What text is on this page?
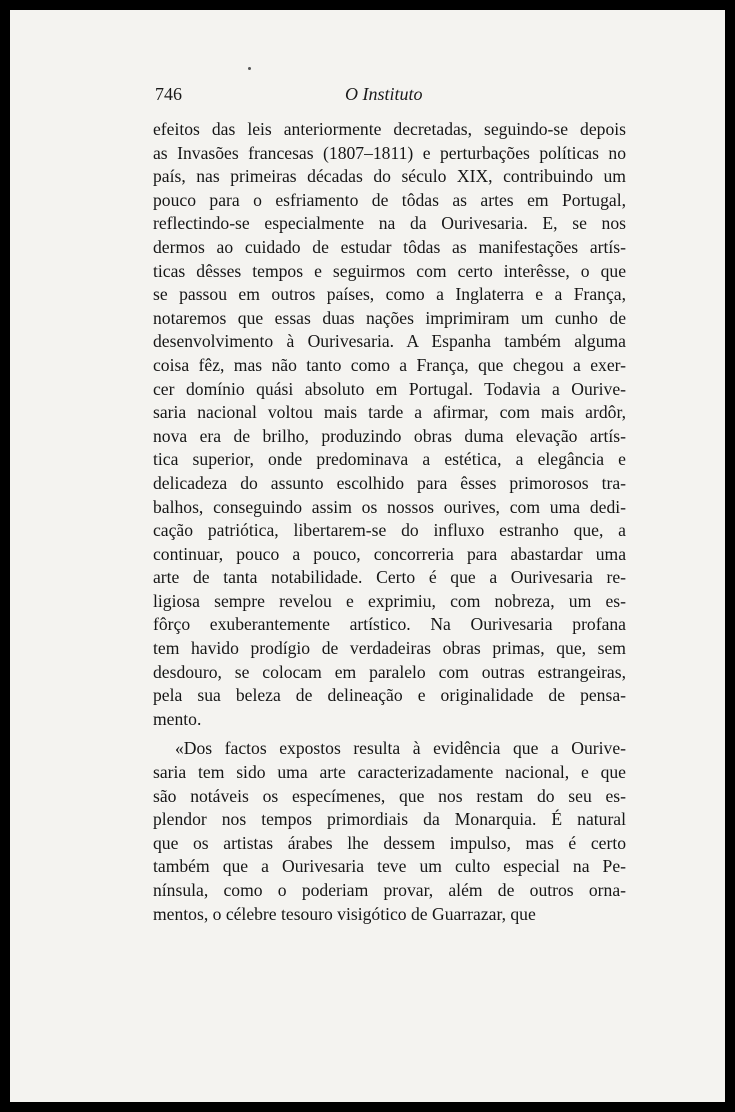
746	O Instituto
efeitos das leis anteriormente decretadas, seguindo-se depois
as Invasões francesas (1807–1811) e perturbações políticas no
país, nas primeiras décadas do século XIX, contribuindo um
pouco para o esfriamento de tôdas as artes em Portugal,
reflectindo-se especialmente na da Ourivesaria. E, se nos
dermos ao cuidado de estudar tôdas as manifestações artís-
ticas dêsses tempos e seguirmos com certo interêsse, o que
se passou em outros países, como a Inglaterra e a França,
notaremos que essas duas nações imprimiram um cunho de
desenvolvimento à Ourivesaria. A Espanha também alguma
coisa fêz, mas não tanto como a França, que chegou a exer-
cer domínio quási absoluto em Portugal. Todavia a Ourive-
saria nacional voltou mais tarde a afirmar, com mais ardôr,
nova era de brilho, produzindo obras duma elevação artís-
tica superior, onde predominava a estética, a elegância e
delicadeza do assunto escolhido para êsses primorosos tra-
balhos, conseguindo assim os nossos ourives, com uma dedi-
cação patriótica, libertarem-se do influxo estranho que, a
continuar, pouco a pouco, concorreria para abastardar uma
arte de tanta notabilidade. Certo é que a Ourivesaria re-
ligiosa sempre revelou e exprimiu, com nobreza, um es-
fôrço exuberantemente artístico. Na Ourivesaria profana
tem havido prodígio de verdadeiras obras primas, que, sem
desdouro, se colocam em paralelo com outras estrangeiras,
pela sua beleza de delineação e originalidade de pensa-
mento.
«Dos factos expostos resulta à evidência que a Ourive-
saria tem sido uma arte caracterizadamente nacional, e que
são notáveis os especímenes, que nos restam do seu es-
plendor nos tempos primordiais da Monarquia. É natural
que os artistas árabes lhe dessem impulso, mas é certo
também que a Ourivesaria teve um culto especial na Pe-
nínsula, como o poderiam provar, além de outros orna-
mentos, o célebre tesouro visigótico de Guarrazar, que
